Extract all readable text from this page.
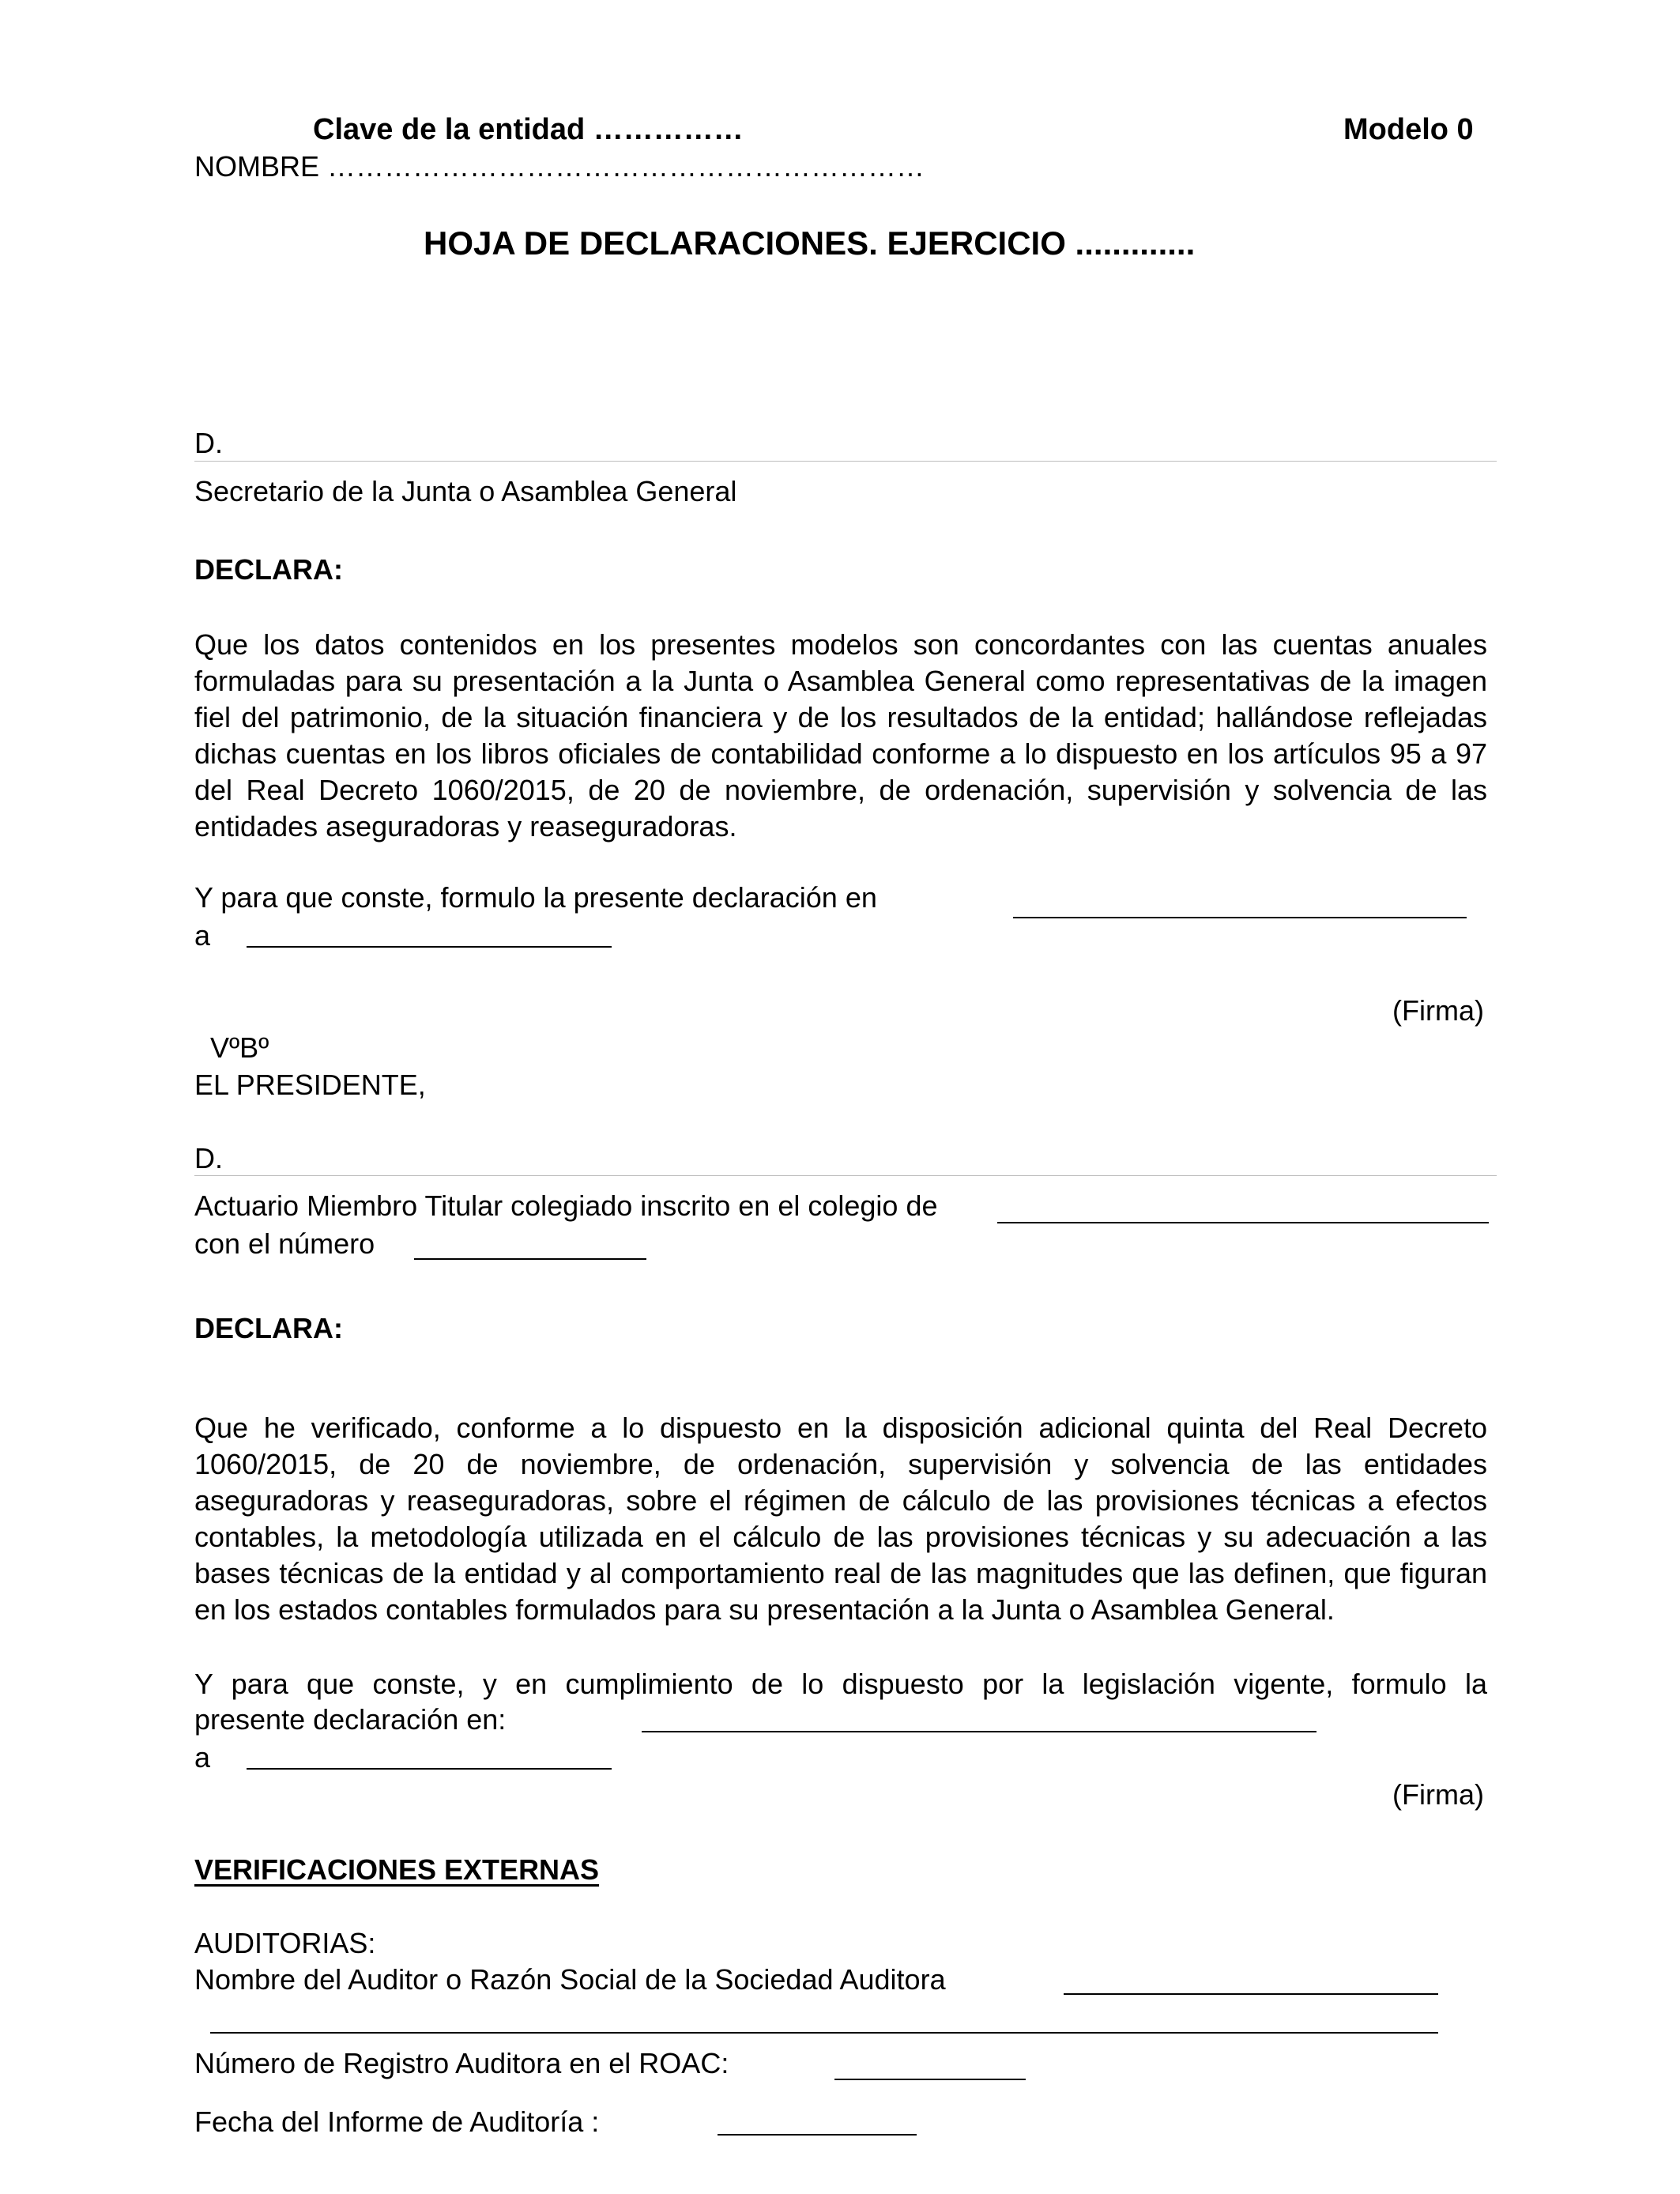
Clave de la entidad ……………	Modelo 0
NOMBRE ………………………………………………………
HOJA DE DECLARACIONES. EJERCICIO .............
D.
Secretario de la Junta o Asamblea General
DECLARA:
Que los datos contenidos en los presentes modelos son concordantes con las cuentas anuales formuladas para su presentación a la Junta o Asamblea General como representativas de la imagen fiel del patrimonio, de la situación financiera y de los resultados de la entidad; hallándose reflejadas dichas cuentas en los libros oficiales de contabilidad conforme a lo dispuesto en los artículos 95 a 97 del Real Decreto 1060/2015, de 20 de noviembre, de ordenación, supervisión y solvencia de las entidades aseguradoras y reaseguradoras.
Y para que conste, formulo la presente declaración en
a
(Firma)
VºBº
EL PRESIDENTE,
D.
Actuario Miembro Titular colegiado inscrito en el colegio de
con el número
DECLARA:
Que he verificado, conforme a lo dispuesto en la disposición adicional quinta del Real Decreto 1060/2015, de 20 de noviembre, de ordenación, supervisión y solvencia de las entidades aseguradoras y reaseguradoras, sobre el régimen de cálculo de las provisiones técnicas a efectos contables, la metodología utilizada en el cálculo de las provisiones técnicas y su adecuación a las bases técnicas de la entidad y al comportamiento real de las magnitudes que las definen, que figuran en los estados contables formulados para su presentación a la Junta o Asamblea General.
Y para que conste, y en cumplimiento de lo dispuesto por la legislación vigente, formulo la
presente declaración en:
a
(Firma)
VERIFICACIONES EXTERNAS
AUDITORIAS:
Nombre del Auditor o Razón Social de la Sociedad Auditora
Número de Registro Auditora en el ROAC:
Fecha del Informe de Auditoría :
